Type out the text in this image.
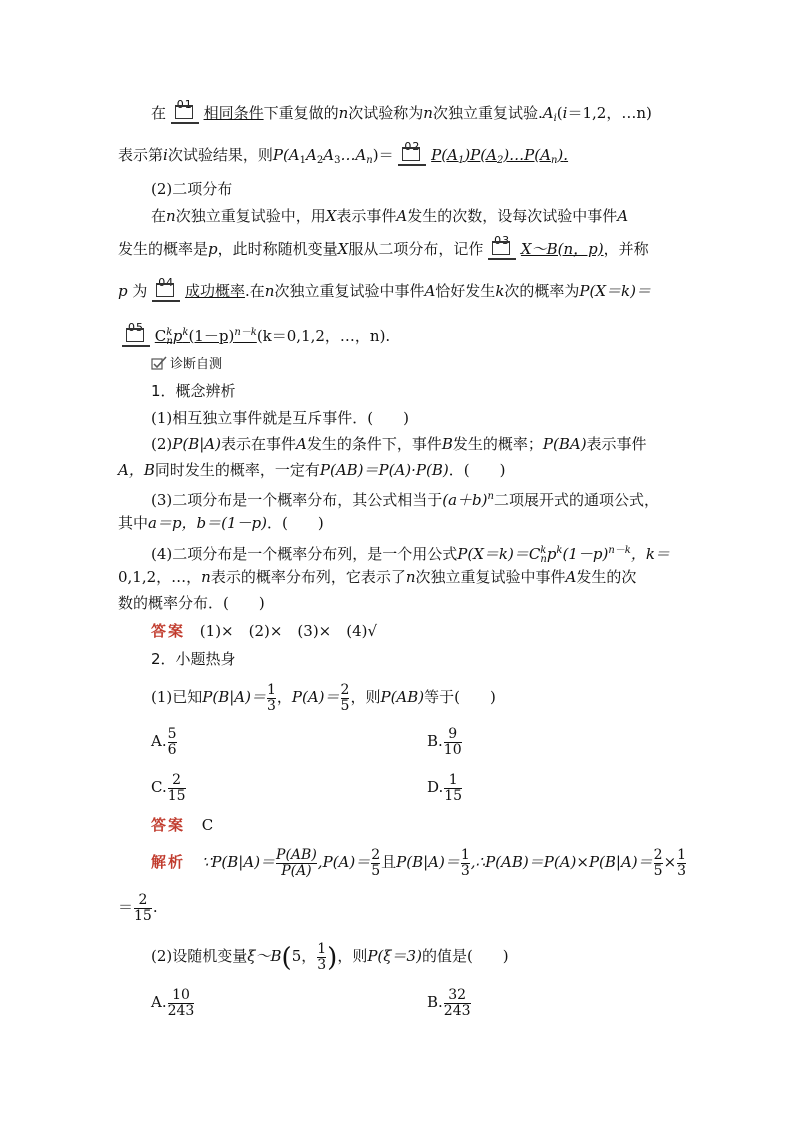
在 01 相同条件下重复做的n次试验称为n次独立重复试验$.A_i(i=1,2$，…n)
表示第i次试验结果，则$P(A_1A_2A_3\dots A_n)= 02$ $P(A_1)P(A_2)\dots P(A_n)$.
(2)二项分布
在n次独立重复试验中，用X表示事件A发生的次数，设每次试验中事件A
发生的概率是p，此时称随机变量X服从二项分布，记作 03 X～B(n，p)，并称
p 为 04 成功概率.在n次独立重复试验中事件A恰好发生k次的概率为P(X＝k)＝
05 $C^k_np^k(1-p)^{n-k}(k=0,1,2$，…，n).
诊断自测
1．概念辨析
(1)相互独立事件就是互斥事件．(　　)
(2)P(B|A)表示在事件A发生的条件下，事件B发生的概率；P(BA)表示事件
A，B同时发生的概率，一定有P(AB)＝P(A)·P(B)．(　　)
(3)二项分布是一个概率分布，其公式相当于$(a+b)^n$二项展开式的通项公式，
其中a＝p，b＝(1－p)．(　　)
(4)二项分布是一个概率分布列，是一个用公式$P(X=k)=C^k_np^k(1-p)^{n-k}$，k＝
0,1,2，…，n表示的概率分布列，它表示了n次独立重复试验中事件A发生的次
数的概率分布．(　　)
答案 (1)×　(2)×　(3)×　(4)√
2．小题热身
(1)已知$P(B|A)= \frac{1}{3}$ ，$P(A)= \frac{2}{5}$ ，则P(AB)等于(　　)
A. $\frac{5}{6}$	B. $\frac{9}{10}$
C. $\frac{2}{15}$	D. $\frac{1}{15}$
答案 C
解析 ∵P(B|A)＝ $\frac{P(AB)}{P(A)} ,P(A)= \frac{2}{5}$ 且$P(B|A)= \frac{1}{3}$ ,∴P(AB)＝P(A)×P(B|A)＝ $\frac{2}{5} \times \frac{1}{3}$
＝ $\frac{2}{15}$ .
(2)设随机变量ξ～B(5， $\frac{1}{3}$ )，则P(ξ＝3)的值是(　　)
A. $\frac{10}{243}$	B. $\frac{32}{243}$
